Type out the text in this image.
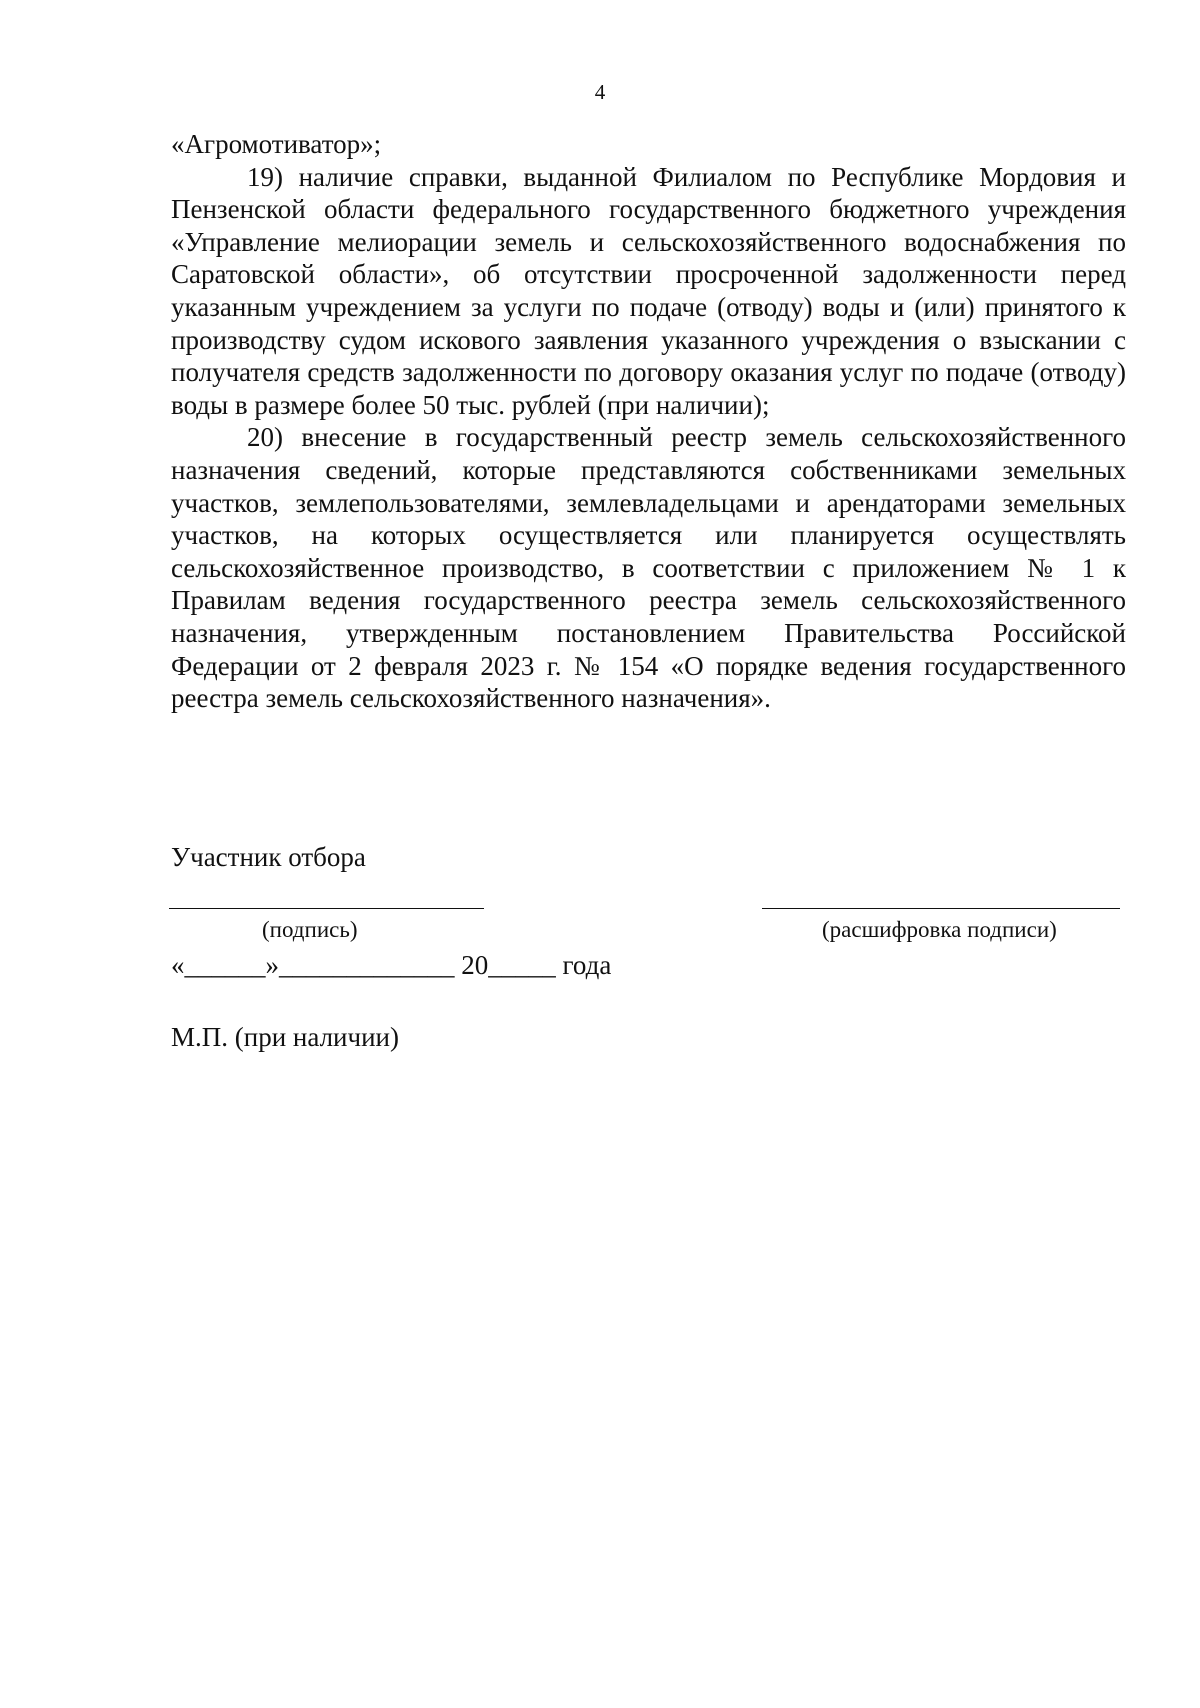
4

«Агромотиватор»;

19) наличие справки, выданной Филиалом по Республике Мордовия и Пензенской области федерального государственного бюджетного учреждения «Управление мелиорации земель и сельскохозяйственного водоснабжения по Саратовской области», об отсутствии просроченной задолженности перед указанным учреждением за услуги по подаче (отводу) воды и (или) принятого к производству судом искового заявления указанного учреждения о взыскании с получателя средств задолженности по договору оказания услуг по подаче (отводу) воды в размере более 50 тыс. рублей (при наличии);

20) внесение в государственный реестр земель сельскохозяйственного назначения сведений, которые представляются собственниками земельных участков, землепользователями, землевладельцами и арендаторами земельных участков, на которых осуществляется или планируется осуществлять сельскохозяйственное производство, в соответствии с приложением № 1 к Правилам ведения государственного реестра земель сельскохозяйственного назначения, утвержденным постановлением Правительства Российской Федерации от 2 февраля 2023 г. № 154 «О порядке ведения государственного реестра земель сельскохозяйственного назначения».

Участник отбора
(подпись)	(расшифровка подписи)
«______»_____________ 20_____ года
М.П. (при наличии)
